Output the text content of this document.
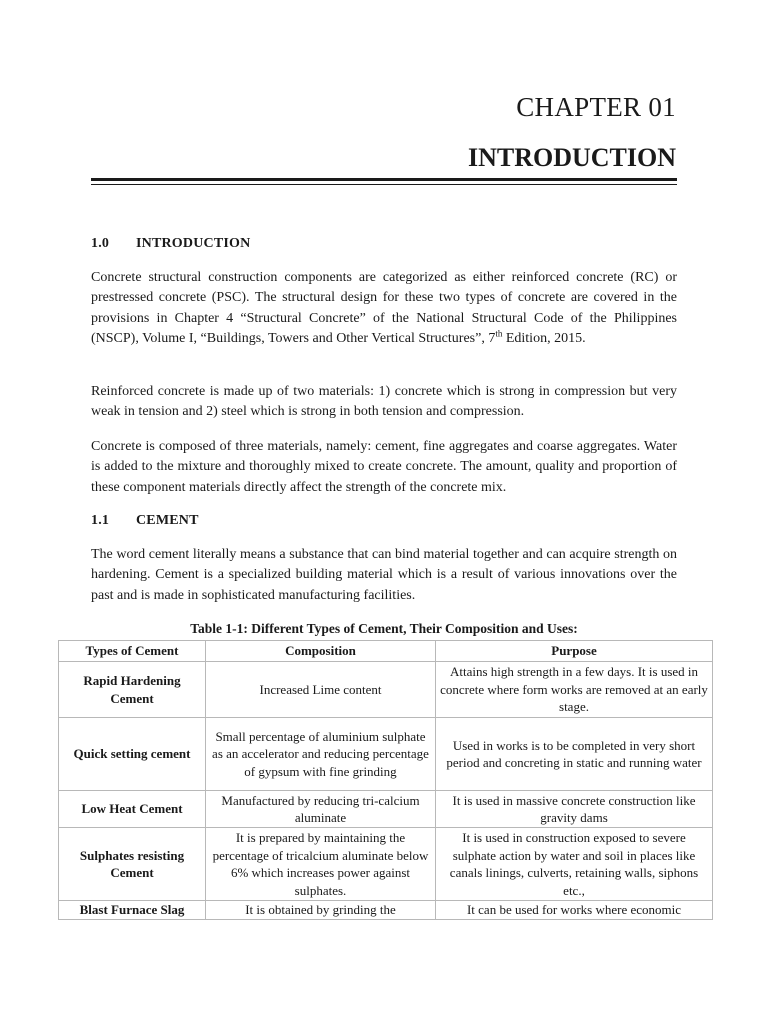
CHAPTER 01
INTRODUCTION
1.0 INTRODUCTION

Concrete structural construction components are categorized as either reinforced concrete (RC) or prestressed concrete (PSC). The structural design for these two types of concrete are covered in the provisions in Chapter 4 “Structural Concrete” of the National Structural Code of the Philippines (NSCP), Volume I, “Buildings, Towers and Other Vertical Structures”, 7th Edition, 2015.

Reinforced concrete is made up of two materials: 1) concrete which is strong in compression but very weak in tension and 2) steel which is strong in both tension and compression.

Concrete is composed of three materials, namely: cement, fine aggregates and coarse aggregates. Water is added to the mixture and thoroughly mixed to create concrete. The amount, quality and proportion of these component materials directly affect the strength of the concrete mix.

1.1 CEMENT

The word cement literally means a substance that can bind material together and can acquire strength on hardening. Cement is a specialized building material which is a result of various innovations over the past and is made in sophisticated manufacturing facilities.

Table 1-1: Different Types of Cement, Their Composition and Uses:
Types of Cement	Composition	Purpose
Rapid Hardening Cement	Increased Lime content	Attains high strength in a few days. It is used in concrete where form works are removed at an early stage.
Quick setting cement	Small percentage of aluminium sulphate as an accelerator and reducing percentage of gypsum with fine grinding	Used in works is to be completed in very short period and concreting in static and running water
Low Heat Cement	Manufactured by reducing tri-calcium aluminate	It is used in massive concrete construction like gravity dams
Sulphates resisting Cement	It is prepared by maintaining the percentage of tricalcium aluminate below 6% which increases power against sulphates.	It is used in construction exposed to severe sulphate action by water and soil in places like canals linings, culverts, retaining walls, siphons etc.,
Blast Furnace Slag	It is obtained by grinding the	It can be used for works where economic
